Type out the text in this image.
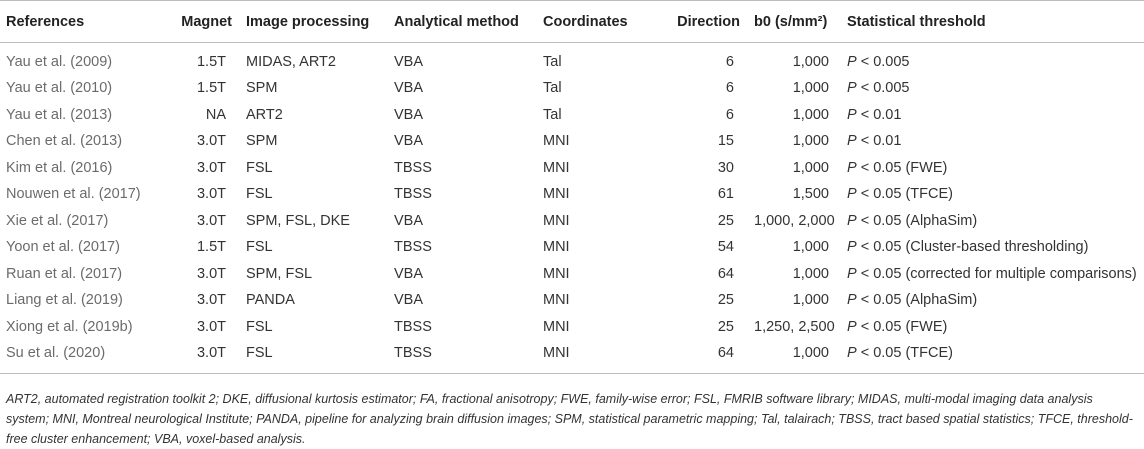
References	Magnet	Image processing	Analytical method	Coordinates	Direction	b0 (s/mm²)	Statistical threshold
Yau et al. (2009)	1.5T	MIDAS, ART2	VBA	Tal	6	1,000	P < 0.005
Yau et al. (2010)	1.5T	SPM	VBA	Tal	6	1,000	P < 0.005
Yau et al. (2013)	NA	ART2	VBA	Tal	6	1,000	P < 0.01
Chen et al. (2013)	3.0T	SPM	VBA	MNI	15	1,000	P < 0.01
Kim et al. (2016)	3.0T	FSL	TBSS	MNI	30	1,000	P < 0.05 (FWE)
Nouwen et al. (2017)	3.0T	FSL	TBSS	MNI	61	1,500	P < 0.05 (TFCE)
Xie et al. (2017)	3.0T	SPM, FSL, DKE	VBA	MNI	25	1,000, 2,000	P < 0.05 (AlphaSim)
Yoon et al. (2017)	1.5T	FSL	TBSS	MNI	54	1,000	P < 0.05 (Cluster-based thresholding)
Ruan et al. (2017)	3.0T	SPM, FSL	VBA	MNI	64	1,000	P < 0.05 (corrected for multiple comparisons)
Liang et al. (2019)	3.0T	PANDA	VBA	MNI	25	1,000	P < 0.05 (AlphaSim)
Xiong et al. (2019b)	3.0T	FSL	TBSS	MNI	25	1,250, 2,500	P < 0.05 (FWE)
Su et al. (2020)	3.0T	FSL	TBSS	MNI	64	1,000	P < 0.05 (TFCE)
ART2, automated registration toolkit 2; DKE, diffusional kurtosis estimator; FA, fractional anisotropy; FWE, family-wise error; FSL, FMRIB software library; MIDAS, multi-modal imaging data analysis system; MNI, Montreal neurological Institute; PANDA, pipeline for analyzing brain diffusion images; SPM, statistical parametric mapping; Tal, talairach; TBSS, tract based spatial statistics; TFCE, threshold-free cluster enhancement; VBA, voxel-based analysis.
